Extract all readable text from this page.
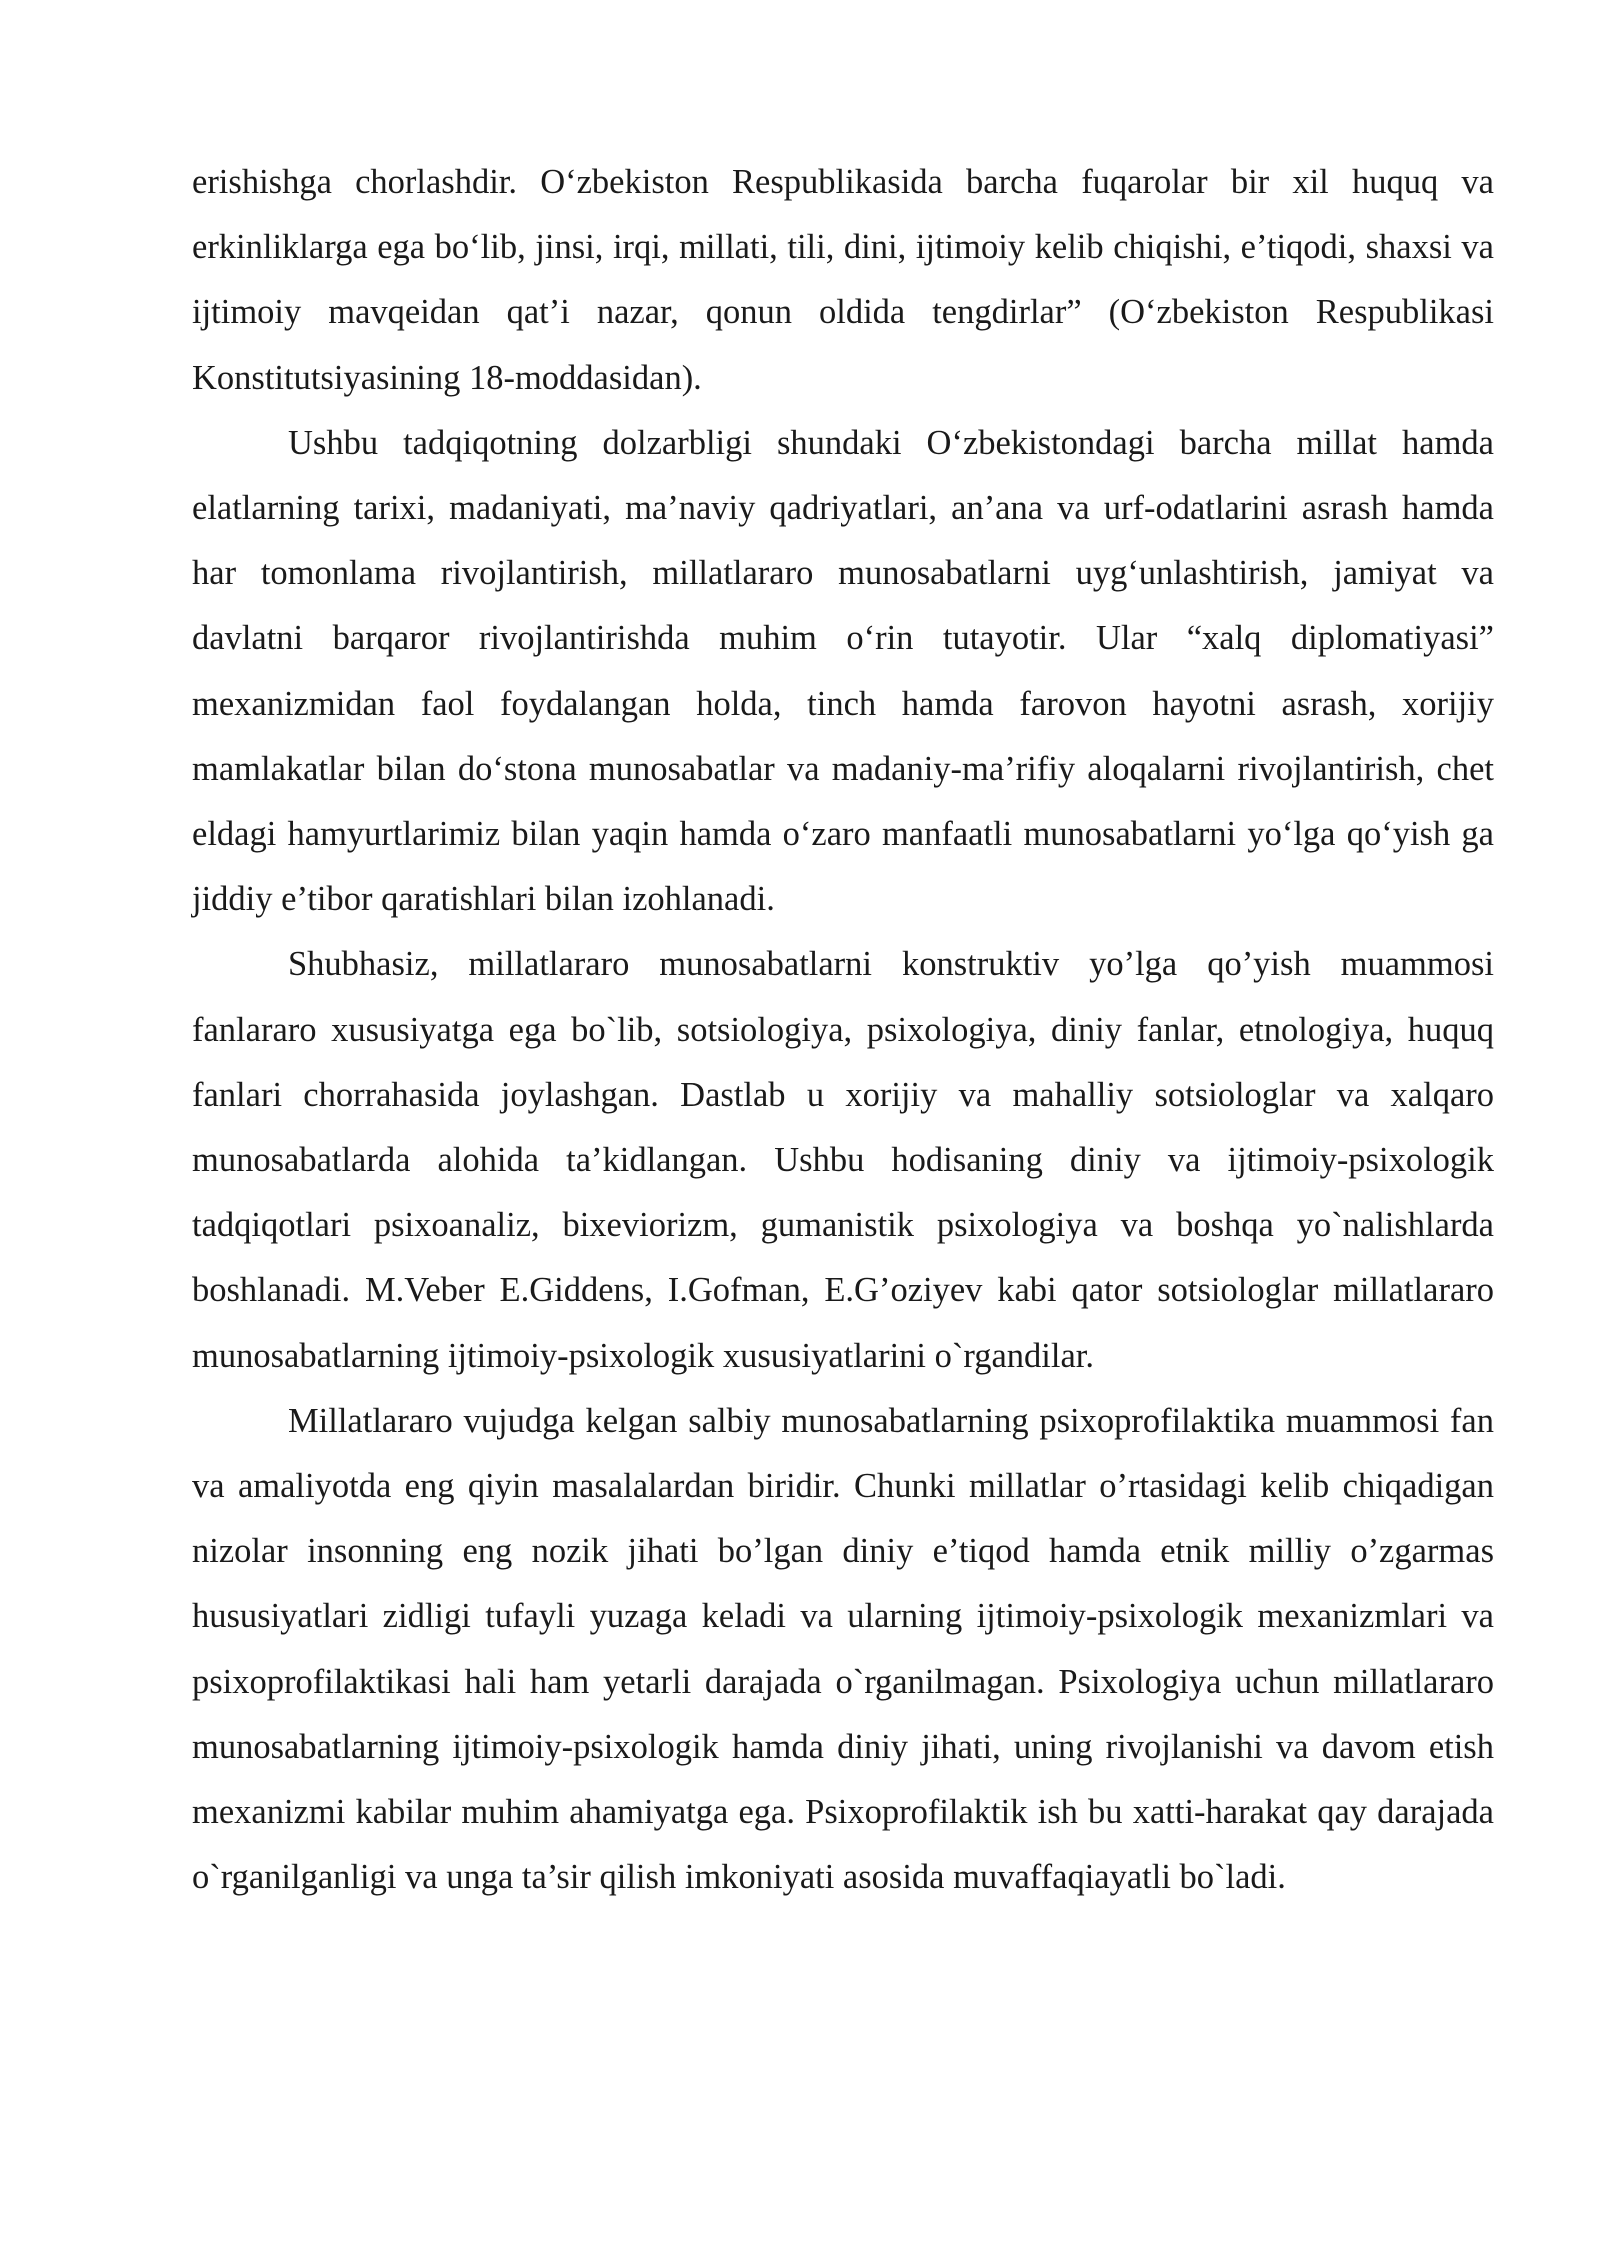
erishishga chorlashdir. O‘zbekiston Respublikasida barcha fuqarolar bir xil huquq va erkinliklarga ega bo‘lib, jinsi, irqi, millati, tili, dini, ijtimoiy kelib chiqishi, e’tiqodi, shaxsi va ijtimoiy mavqeidan qat’i nazar, qonun oldida tengdirlar” (O‘zbekiston Respublikasi Konstitutsiyasining 18-moddasidan).

Ushbu tadqiqotning dolzarbligi shundaki O‘zbekistondagi barcha millat hamda elatlarning tarixi, madaniyati, ma’naviy qadriyatlari, an’ana va urf-odatlarini asrash hamda har tomonlama rivojlantirish, millatlararo munosabatlarni uyg‘unlashtirish, jamiyat va davlatni barqaror rivojlantirishda muhim o‘rin tutayotir. Ular “xalq diplomatiyasi” mexanizmidan faol foydalangan holda, tinch hamda farovon hayotni asrash, xorijiy mamlakatlar bilan do‘stona munosabatlar va madaniy-ma’rifiy aloqalarni rivojlantirish, chet eldagi hamyurtlarimiz bilan yaqin hamda o‘zaro manfaatli munosabatlarni yo‘lga qo‘yish ga jiddiy e’tibor qaratishlari bilan izohlanadi.

Shubhasiz, millatlararo munosabatlarni konstruktiv yo’lga qo’yish muammosi fanlararo xususiyatga ega bo`lib, sotsiologiya, psixologiya, diniy fanlar, etnologiya, huquq fanlari chorrahasida joylashgan. Dastlab u xorijiy va mahalliy sotsiologlar va xalqaro munosabatlarda alohida ta’kidlangan. Ushbu hodisaning diniy va ijtimoiy-psixologik tadqiqotlari psixoanaliz, bixeviorizm, gumanistik psixologiya va boshqa yo`nalishlarda boshlanadi. M.Veber E.Giddens, I.Gofman, E.G’oziyev kabi qator sotsiologlar millatlararo munosabatlarning ijtimoiy-psixologik xususiyatlarini o`rgandilar.

Millatlararo vujudga kelgan salbiy munosabatlarning psixoprofilaktika muammosi fan va amaliyotda eng qiyin masalalardan biridir. Chunki millatlar o’rtasidagi kelib chiqadigan nizolar insonning eng nozik jihati bo’lgan diniy e’tiqod hamda etnik milliy o’zgarmas hususiyatlari zidligi tufayli yuzaga keladi va ularning ijtimoiy-psixologik mexanizmlari va psixoprofilaktikasi hali ham yetarli darajada o`rganilmagan. Psixologiya uchun millatlararo munosabatlarning ijtimoiy-psixologik hamda diniy jihati, uning rivojlanishi va davom etish mexanizmi kabilar muhim ahamiyatga ega. Psixoprofilaktik ish bu xatti-harakat qay darajada o`rganilganligi va unga ta’sir qilish imkoniyati asosida muvaffaqiayatli bo`ladi.
